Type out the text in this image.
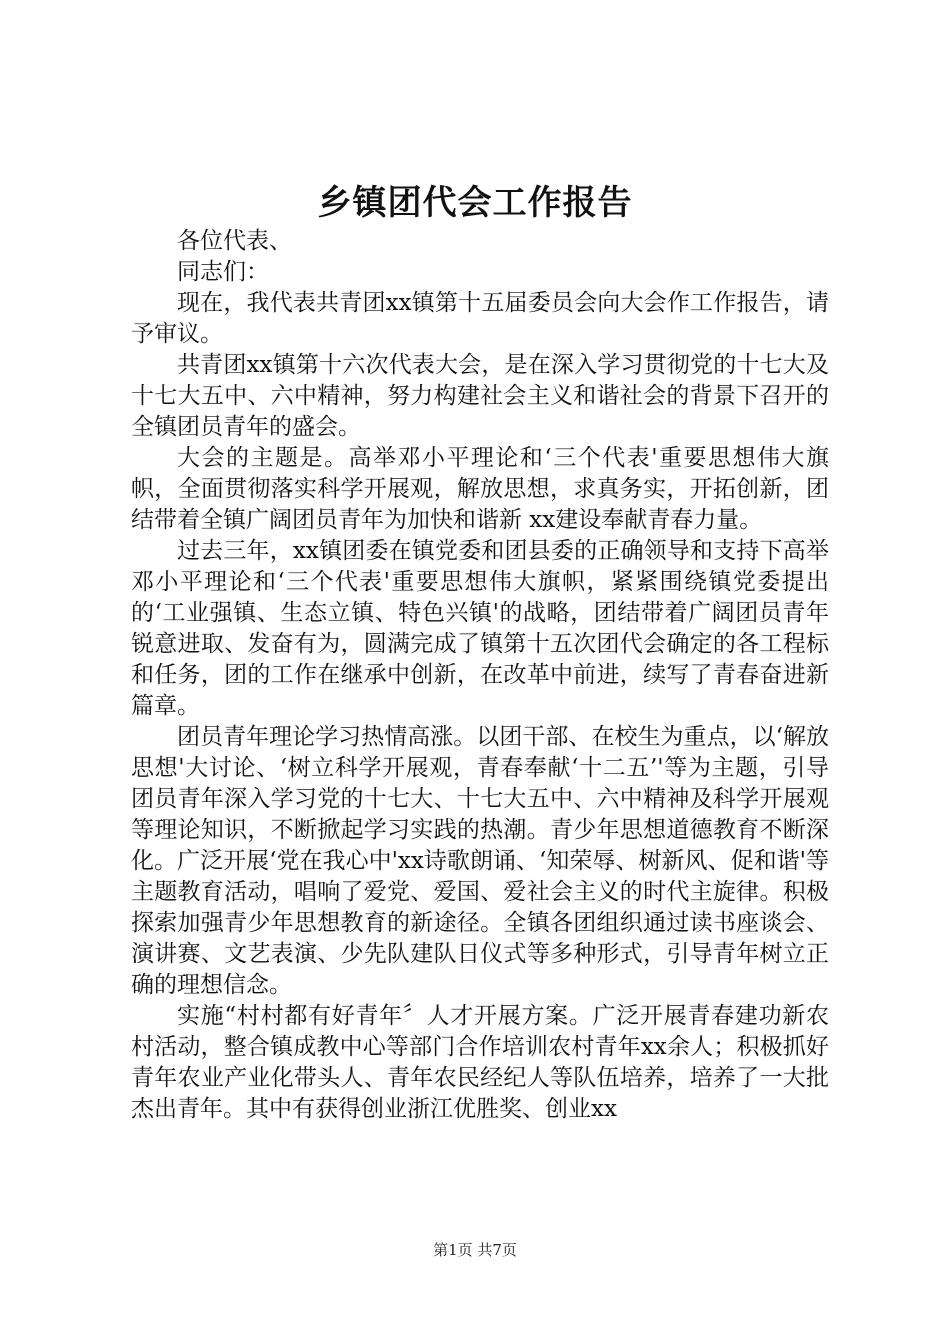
乡镇团代会工作报告

各位代表、

同志们：

现在，我代表共青团xx镇第十五届委员会向大会作工作报告，请予审议。

共青团xx镇第十六次代表大会，是在深入学习贯彻党的十七大及十七大五中、六中精神，努力构建社会主义和谐社会的背景下召开的全镇团员青年的盛会。

大会的主题是。高举邓小平理论和‘三个代表'重要思想伟大旗帜，全面贯彻落实科学开展观，解放思想，求真务实，开拓创新，团结带着全镇广阔团员青年为加快和谐新 xx建设奉献青春力量。

过去三年，xx镇团委在镇党委和团县委的正确领导和支持下高举邓小平理论和‘三个代表'重要思想伟大旗帜，紧紧围绕镇党委提出的‘工业强镇、生态立镇、特色兴镇'的战略，团结带着广阔团员青年锐意进取、发奋有为，圆满完成了镇第十五次团代会确定的各工程标和任务，团的工作在继承中创新，在改革中前进，续写了青春奋进新篇章。

团员青年理论学习热情高涨。以团干部、在校生为重点，以‘解放思想'大讨论、‘树立科学开展观，青春奉献‘十二五’'等为主题，引导团员青年深入学习党的十七大、十七大五中、六中精神及科学开展观等理论知识，不断掀起学习实践的热潮。青少年思想道德教育不断深化。广泛开展‘党在我心中'xx诗歌朗诵、‘知荣辱、树新风、促和谐'等主题教育活动，唱响了爱党、爱国、爱社会主义的时代主旋律。积极探索加强青少年思想教育的新途径。全镇各团组织通过读书座谈会、演讲赛、文艺表演、少先队建队日仪式等多种形式，引导青年树立正确的理想信念。

实施“村村都有好青年〞人才开展方案。广泛开展青春建功新农村活动，整合镇成教中心等部门合作培训农村青年xx余人；积极抓好青年农业产业化带头人、青年农民经纪人等队伍培养，培养了一大批杰出青年。其中有获得创业浙江优胜奖、创业xx

第1页 共7页
